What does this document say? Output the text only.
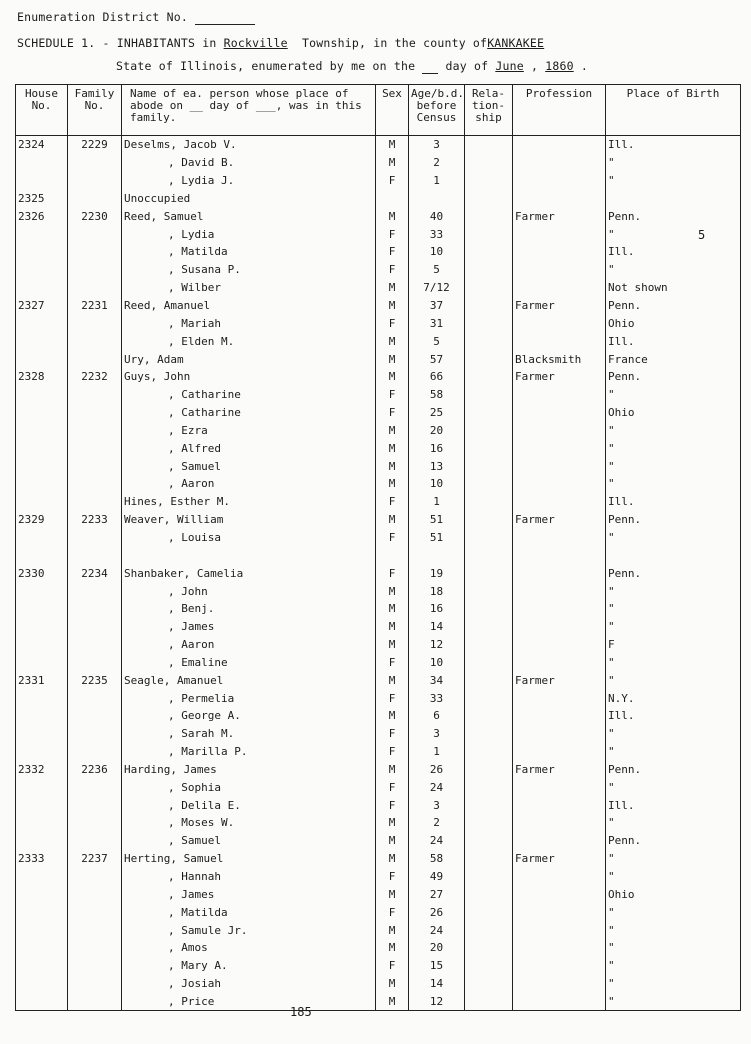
Enumeration District No.
SCHEDULE 1. - INHABITANTS in Rockville Township, in the county ofKANKAKEE
State of Illinois, enumerated by me on the	day of June , 1860 .
House No.	Family No.	Name of ea. person whose place of abode on __ day of ___, was in this family.	Sex	Age/b.d. before Census	Rela- tion- ship	Profession	Place of Birth
2324	2229	Deselms, Jacob V.	M	3			Ill.
		, David B.	M	2			"
		, Lydia J.	F	1			"
2325		Unoccupied					
2326	2230	Reed, Samuel	M	40		Farmer	Penn.
		, Lydia	F	33			"
		, Matilda	F	10			Ill.
		, Susana P.	F	5			"
		, Wilber	M	7/12			Not shown
2327	2231	Reed, Amanuel	M	37		Farmer	Penn.
		, Mariah	F	31			Ohio
		, Elden M.	M	5			Ill.
		Ury, Adam	M	57		Blacksmith	France
2328	2232	Guys, John	M	66		Farmer	Penn.
		, Catharine	F	58			"
		, Catharine	F	25			Ohio
		, Ezra	M	20			"
		, Alfred	M	16			"
		, Samuel	M	13			"
		, Aaron	M	10			"
		Hines, Esther M.	F	1			Ill.
2329	2233	Weaver, William	M	51		Farmer	Penn.
		, Louisa	F	51			"

2330	2234	Shanbaker, Camelia	F	19			Penn.
		, John	M	18			"
		, Benj.	M	16			"
		, James	M	14			"
		, Aaron	M	12			F
		, Emaline	F	10			"
2331	2235	Seagle, Amanuel	M	34		Farmer	"
		, Permelia	F	33			N.Y.
		, George A.	M	6			Ill.
		, Sarah M.	F	3			"
		, Marilla P.	F	1			"
2332	2236	Harding, James	M	26		Farmer	Penn.
		, Sophia	F	24			"
		, Delila E.	F	3			Ill.
		, Moses W.	M	2			"
		, Samuel	M	24			Penn.
2333	2237	Herting, Samuel	M	58		Farmer	"
		, Hannah	F	49			"
		, James	M	27			Ohio
		, Matilda	F	26			"
		, Samule Jr.	M	24			"
		, Amos	M	20			"
		, Mary A.	F	15			"
		, Josiah	M	14			"
		, Price	M	12			"
5
185
